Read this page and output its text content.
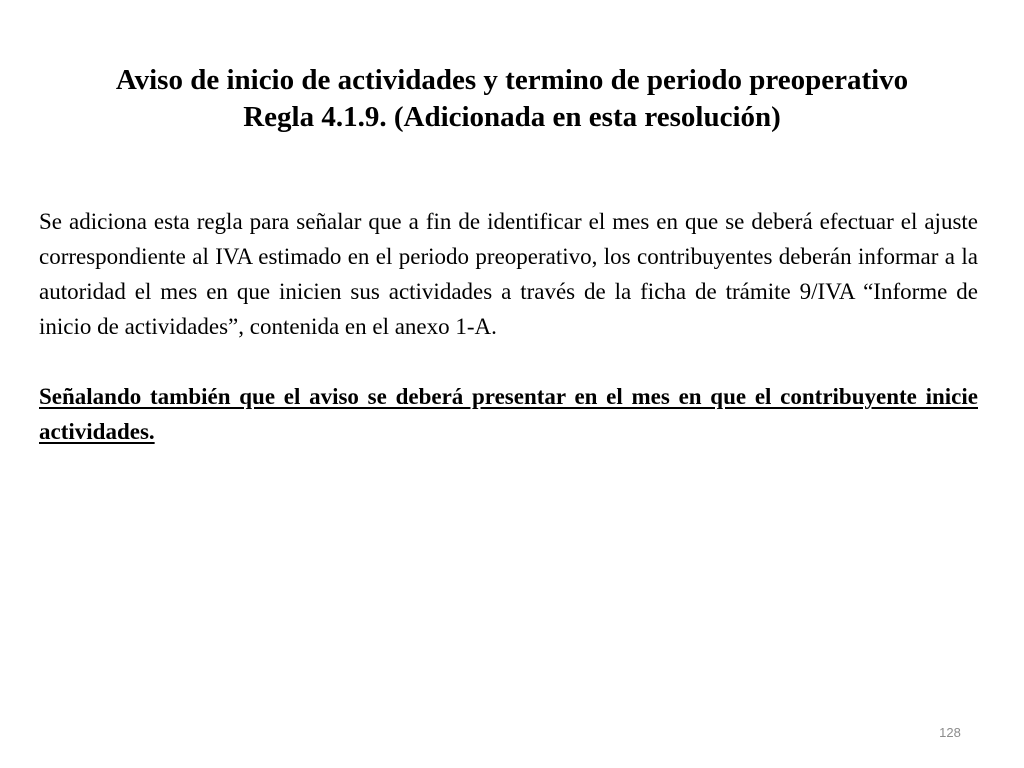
Aviso de inicio de actividades y termino de periodo preoperativo
Regla 4.1.9. (Adicionada en esta resolución)

Se adiciona esta regla para señalar que a fin de identificar el mes en que se deberá efectuar el ajuste correspondiente al IVA estimado en el periodo preoperativo, los contribuyentes deberán informar a la autoridad el mes en que inicien sus actividades a través de la ficha de trámite 9/IVA “Informe de inicio de actividades”, contenida en el anexo 1-A.

Señalando también que el aviso se deberá presentar en el mes en que el contribuyente inicie actividades.

128
